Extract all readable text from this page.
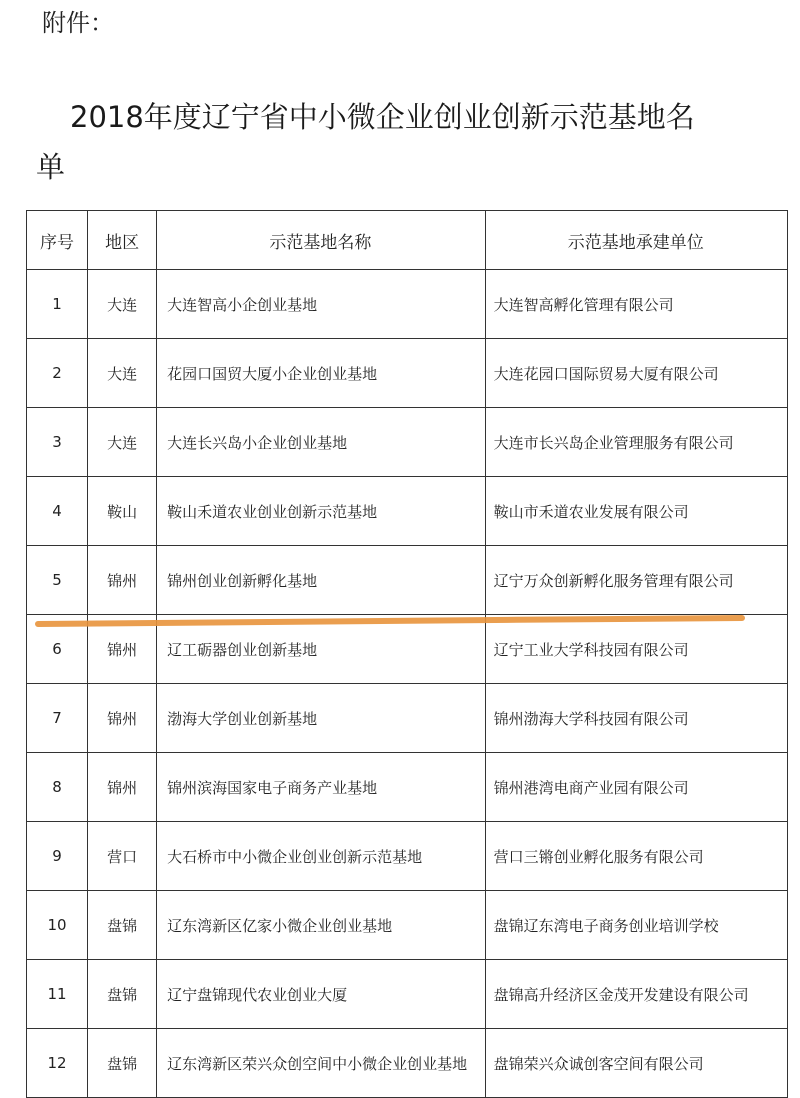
附件：
2018年度辽宁省中小微企业创业创新示范基地名单
序号	地区	示范基地名称	示范基地承建单位
1	大连	大连智高小企创业基地	大连智高孵化管理有限公司
2	大连	花园口国贸大厦小企业创业基地	大连花园口国际贸易大厦有限公司
3	大连	大连长兴岛小企业创业基地	大连市长兴岛企业管理服务有限公司
4	鞍山	鞍山禾道农业创业创新示范基地	鞍山市禾道农业发展有限公司
5	锦州	锦州创业创新孵化基地	辽宁万众创新孵化服务管理有限公司
6	锦州	辽工砺器创业创新基地	辽宁工业大学科技园有限公司
7	锦州	渤海大学创业创新基地	锦州渤海大学科技园有限公司
8	锦州	锦州滨海国家电子商务产业基地	锦州港湾电商产业园有限公司
9	营口	大石桥市中小微企业创业创新示范基地	营口三锵创业孵化服务有限公司
10	盘锦	辽东湾新区亿家小微企业创业基地	盘锦辽东湾电子商务创业培训学校
11	盘锦	辽宁盘锦现代农业创业大厦	盘锦高升经济区金茂开发建设有限公司
12	盘锦	辽东湾新区荣兴众创空间中小微企业创业基地	盘锦荣兴众诚创客空间有限公司
